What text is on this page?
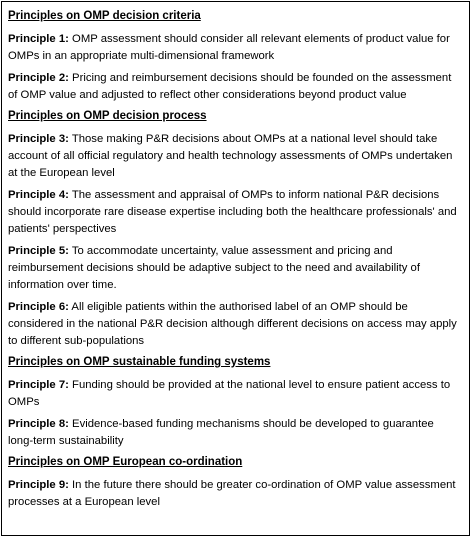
Principles on OMP decision criteria
Principle 1: OMP assessment should consider all relevant elements of product value for OMPs in an appropriate multi-dimensional framework
Principle 2: Pricing and reimbursement decisions should be founded on the assessment of OMP value and adjusted to reflect other considerations beyond product value
Principles on OMP decision process
Principle 3: Those making P&R decisions about OMPs at a national level should take account of all official regulatory and health technology assessments of OMPs undertaken at the European level
Principle 4: The assessment and appraisal of OMPs to inform national P&R decisions should incorporate rare disease expertise including both the healthcare professionals' and patients' perspectives
Principle 5: To accommodate uncertainty, value assessment and pricing and reimbursement decisions should be adaptive subject to the need and availability of information over time.
Principle 6: All eligible patients within the authorised label of an OMP should be considered in the national P&R decision although different decisions on access may apply to different sub-populations
Principles on OMP sustainable funding systems
Principle 7: Funding should be provided at the national level to ensure patient access to OMPs
Principle 8: Evidence-based funding mechanisms should be developed to guarantee long-term sustainability
Principles on OMP European co-ordination
Principle 9: In the future there should be greater co-ordination of OMP value assessment processes at a European level
